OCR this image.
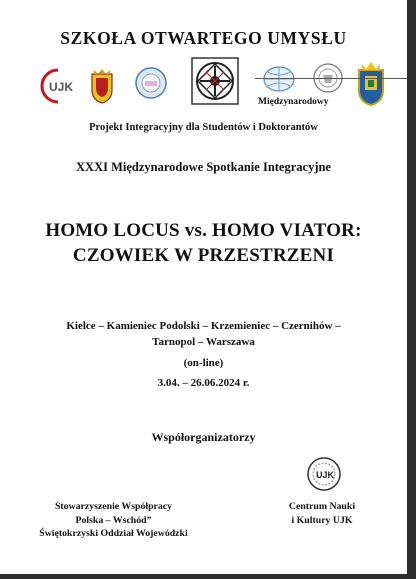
SZKOŁA OTWARTEGO UMYSŁU
UJK
Międzynarodowy
Projekt Integracyjny dla Studentów i Doktorantów
XXXI Międzynarodowe Spotkanie Integracyjne
HOMO LOCUS vs. HOMO VIATOR:
CZOWIEK W PRZESTRZENI
Kielce – Kamieniec Podolski – Krzemieniec – Czernihów –
Tarnopol – Warszawa
(on-line)
3.04. – 26.06.2024 r.
Współorganizatorzy
UJK
Stowarzyszenie Współpracy
Polska – Wschód”
Świętokrzyski Oddział Wojewódzki
Centrum Nauki
i Kultury UJK
